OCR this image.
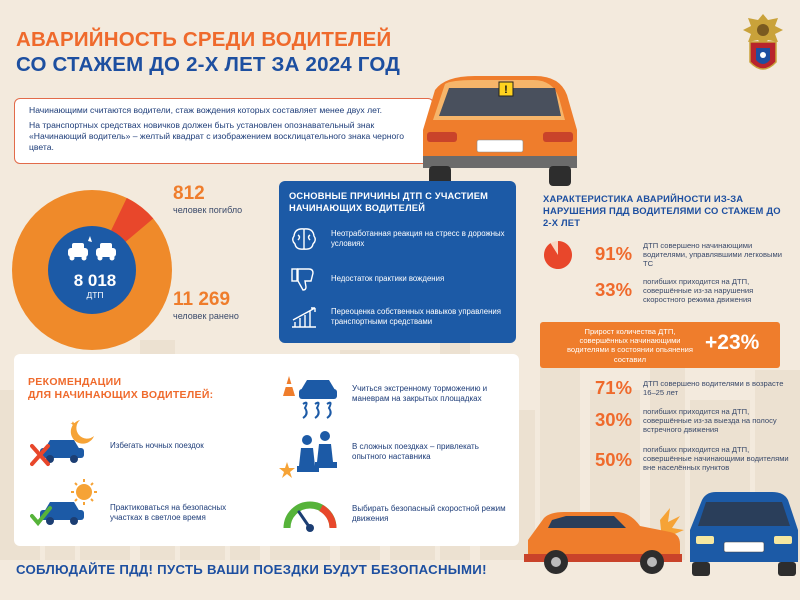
АВАРИЙНОСТЬ СРЕДИ ВОДИТЕЛЕЙ
СО СТАЖЕМ ДО 2-Х ЛЕТ ЗА 2024 ГОД

Начинающими считаются водители, стаж вождения которых составляет менее двух лет.

На транспортных средствах новичков должен быть установлен опознавательный знак «Начинающий водитель» – желтый квадрат с изображением восклицательного знака черного цвета.

!
8 018
ДТП
812
человек погибло
11 269
человек ранено
ОСНОВНЫЕ ПРИЧИНЫ ДТП С УЧАСТИЕМ НАЧИНАЮЩИХ ВОДИТЕЛЕЙ
Неотработанная реакция на стресс в дорожных условиях
Недостаток практики вождения
Переоценка собственных навыков управления транспортными средствами
ХАРАКТЕРИСТИКА АВАРИЙНОСТИ ИЗ-ЗА НАРУШЕНИЯ ПДД ВОДИТЕЛЯМИ СО СТАЖЕМ ДО 2-Х ЛЕТ
91% ДТП совершено начинающими водителями, управлявшими легковыми ТС
33% погибших приходится на ДТП, совершённые из-за нарушения скоростного режима движения
71% ДТП совершено водителями в возрасте 16–25 лет
30% погибших приходится на ДТП, совершённые из-за выезда на полосу встречного движения
50% погибших приходится на ДТП, совершённые начинающими водителями вне населённых пунктов
Прирост количества ДТП, совершённых начинающими водителями в состоянии опьянения составил
+23%
РЕКОМЕНДАЦИИ
ДЛЯ НАЧИНАЮЩИХ ВОДИТЕЛЕЙ:
✦
Избегать ночных поездок
Практиковаться на безопасных участках в светлое время
Учиться экстренному торможению и маневрам на закрытых площадках
В сложных поездках – привлекать опытного наставника
Выбирать безопасный скоростной режим движения
СОБЛЮДАЙТЕ ПДД! ПУСТЬ ВАШИ ПОЕЗДКИ БУДУТ БЕЗОПАСНЫМИ!
